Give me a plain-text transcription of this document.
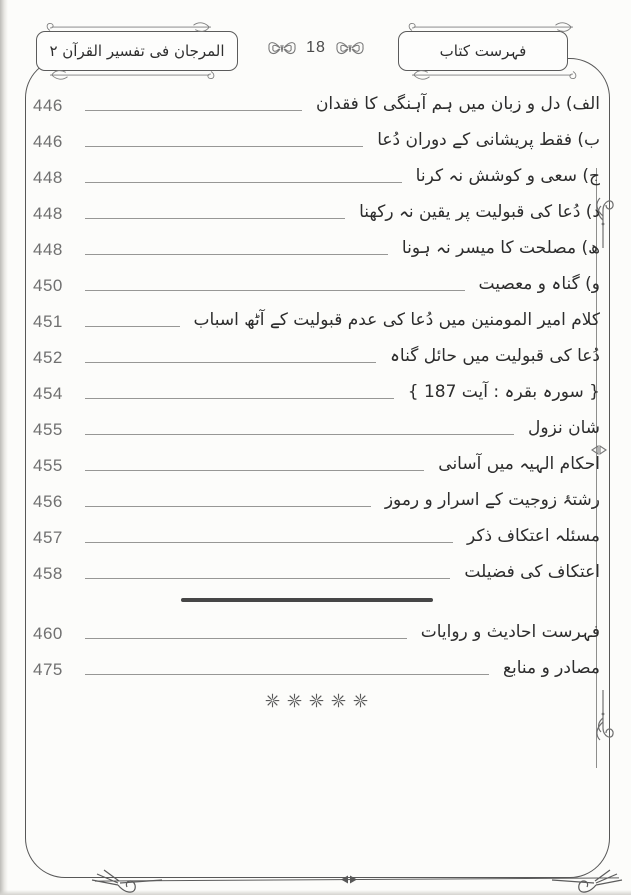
المرجان فی تفسیر القرآن ۲	18	فہرست کتاب
446	الف) دل و زبان میں ہم آہنگی کا فقدان
446	ب) فقط پریشانی کے دوران دُعا
448	ج) سعی و کوشش نہ کرنا
448	د) دُعا کی قبولیت پر یقین نہ رکھنا
448	ھ) مصلحت کا میسر نہ ہونا
450	و) گناہ و معصیت
451	کلام امیر المومنین میں دُعا کی عدم قبولیت کے آٹھ اسباب
452	دُعا کی قبولیت میں حائل گناہ
454	{ سورہ بقرہ : آیت 187 }
455	شان نزول
455	احکام الہیہ میں آسانی
456	رشتۂ زوجیت کے اسرار و رموز
457	مسئلہ اعتکاف ذکر
458	اعتکاف کی فضیلت
460	فہرست احادیث و روایات
475	مصادر و منابع
